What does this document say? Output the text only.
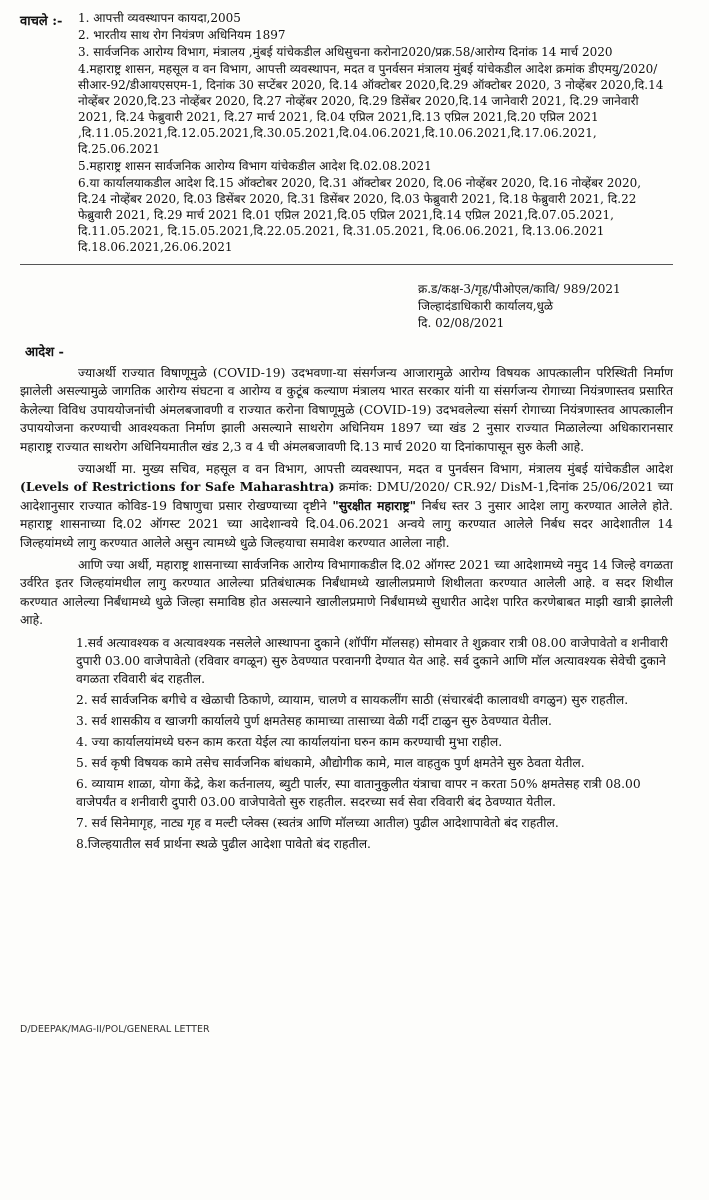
वाचले :-	1. आपत्ती व्यवस्थापन कायदा,2005
2. भारतीय साथ रोग नियंत्रण अधिनियम 1897
3. सार्वजनिक आरोग्य विभाग, मंत्रालय ,मुंबई यांचेकडील अधिसुचना करोना2020/प्रक्र.58/आरोग्य दिनांक 14 मार्च 2020
4.महाराष्ट्र शासन, महसूल व वन विभाग, आपत्ती व्यवस्थापन, मदत व पुनर्वसन मंत्रालय मुंबई यांचेकडील आदेश क्रमांक डीएमयु/2020/सीआर-92/डीआयएसएम-1, दिनांक 30 सप्टेंबर 2020, दि.14 ऑक्टोबर 2020,दि.29 ऑक्टोबर 2020, 3 नोव्हेंबर 2020,दि.14 नोव्हेंबर 2020,दि.23 नोव्हेंबर 2020, दि.27 नोव्हेंबर 2020, दि.29 डिसेंबर 2020,दि.14 जानेवारी 2021, दि.29 जानेवारी 2021, दि.24 फेब्रुवारी 2021, दि.27 मार्च 2021, दि.04 एप्रिल 2021,दि.13 एप्रिल 2021,दि.20 एप्रिल 2021 ,दि.11.05.2021,दि.12.05.2021,दि.30.05.2021,दि.04.06.2021,दि.10.06.2021,दि.17.06.2021, दि.25.06.2021
5.महाराष्ट्र शासन सार्वजनिक आरोग्य विभाग यांचेकडील आदेश दि.02.08.2021
6.या कार्यालयाकडील आदेश दि.15 ऑक्टोबर 2020, दि.31 ऑक्टोबर 2020, दि.06 नोव्हेंबर 2020, दि.16 नोव्हेंबर 2020, दि.24 नोव्हेंबर 2020, दि.03 डिसेंबर 2020, दि.31 डिसेंबर 2020, दि.03 फेब्रुवारी 2021, दि.18 फेब्रुवारी 2021, दि.22 फेब्रुवारी 2021, दि.29 मार्च 2021 दि.01 एप्रिल 2021,दि.05 एप्रिल 2021,दि.14 एप्रिल 2021,दि.07.05.2021, दि.11.05.2021, दि.15.05.2021,दि.22.05.2021, दि.31.05.2021, दि.06.06.2021, दि.13.06.2021 दि.18.06.2021,26.06.2021
क्र.ड/कक्ष-3/गृह/पीओएल/कावि/ 989/2021
जिल्हादंडाधिकारी कार्यालय,धुळे
दि. 02/08/2021
आदेश -
ज्याअर्थी राज्यात विषाणूमुळे (COVID-19) उदभवणा-या संसर्गजन्य आजारामुळे आरोग्य विषयक आपत्कालीन परिस्थिती निर्माण झालेली असल्यामुळे जागतिक आरोग्य संघटना व आरोग्य व कुटूंब कल्याण मंत्रालय भारत सरकार यांनी या संसर्गजन्य रोगाच्या नियंत्रणास्तव प्रसारित केलेल्या विविध उपाययोजनांची अंमलबजावणी व राज्यात करोना विषाणूमुळे (COVID-19) उदभवलेल्या संसर्ग रोगाच्या नियंत्रणास्तव आपत्कालीन उपाययोजना करण्याची आवश्यकता निर्माण झाली असल्याने साथरोग अधिनियम 1897 च्या खंड 2 नुसार राज्यात मिळालेल्या अधिकारानसार महाराष्ट्र राज्यात साथरोग अधिनियमातील खंड 2,3 व 4 ची अंमलबजावणी दि.13 मार्च 2020 या दिनांकापासून सुरु केली आहे.
ज्याअर्थी मा. मुख्य सचिव, महसूल व वन विभाग, आपत्ती व्यवस्थापन, मदत व पुनर्वसन विभाग, मंत्रालय मुंबई यांचेकडील आदेश (Levels of Restrictions for Safe Maharashtra) क्रमांक: DMU/2020/ CR.92/ DisM-1,दिनांक 25/06/2021 च्या आदेशानुसार राज्यात कोविड-19 विषाणुचा प्रसार रोखण्याच्या दृष्टीने "सुरक्षीत महाराष्ट्र" निर्बध स्तर 3 नुसार आदेश लागु करण्यात आलेले होते. महाराष्ट्र शासनाच्या दि.02 ऑगस्ट 2021 च्या आदेशान्वये दि.04.06.2021 अन्वये लागु करण्यात आलेले निर्बध सदर आदेशातील 14 जिल्हयांमध्ये लागु करण्यात आलेले असुन त्यामध्ये धुळे जिल्हयाचा समावेश करण्यात आलेला नाही.
आणि ज्या अर्थी, महाराष्ट्र शासनाच्या सार्वजनिक आरोग्य विभागाकडील दि.02 ऑगस्ट 2021 च्या आदेशामध्ये नमुद 14 जिल्हे वगळता उर्वरित इतर जिल्हयांमधील लागु करण्यात आलेल्या प्रतिबंधात्मक निर्बंधामध्ये खालीलप्रमाणे शिथीलता करण्यात आलेली आहे. व सदर शिथील करण्यात आलेल्या निर्बंधामध्ये धुळे जिल्हा समाविष्ठ होत असल्याने खालीलप्रमाणे निर्बंधामध्ये सुधारीत आदेश पारित करणेबाबत माझी खात्री झालेली आहे.
1.सर्व अत्यावश्यक व अत्यावश्यक नसलेले आस्थापना दुकाने (शॉपींग मॉलसह) सोमवार ते शुक्रवार रात्री 08.00 वाजेपावेतो व शनीवारी दुपारी 03.00 वाजेपावेतो (रविवार वगळून) सुरु ठेवण्यात परवानगी देण्यात येत आहे. सर्व दुकाने आणि मॉल अत्यावश्यक सेवेची दुकाने वगळता रविवारी बंद राहतील.
2. सर्व सार्वजनिक बगीचे व खेळाची ठिकाणे, व्यायाम, चालणे व सायकलींग साठी (संचारबंदी कालावधी वगळुन) सुरु राहतील.
3. सर्व शासकीय व खाजगी कार्यालये पुर्ण क्षमतेसह कामाच्या तासाच्या वेळी गर्दी टाळुन सुरु ठेवण्यात येतील.
4. ज्या कार्यालयांमध्ये घरुन काम करता येईल त्या कार्यालयांना घरुन काम करण्याची मुभा राहील.
5. सर्व कृषी विषयक कामे तसेच सार्वजनिक बांधकामे, औद्योगीक कामे, माल वाहतुक पुर्ण क्षमतेने सुरु ठेवता येतील.
6. व्यायाम शाळा, योगा केंद्रे, केश कर्तनालय, ब्युटी पार्लर, स्पा वातानुकुलीत यंत्राचा वापर न करता 50% क्षमतेसह रात्री 08.00 वाजेपर्यंत व शनीवारी दुपारी 03.00 वाजेपावेतो सुरु राहतील. सदरच्या सर्व सेवा रविवारी बंद ठेवण्यात येतील.
7. सर्व सिनेमागृह, नाट्य गृह व मल्टी प्लेक्स (स्वतंत्र आणि मॉलच्या आतील) पुढील आदेशापावेतो बंद राहतील.
8.जिल्हयातील सर्व प्रार्थना स्थळे पुढील आदेशा पावेतो बंद राहतील.
D/DEEPAK/MAG-II/POL/GENERAL LETTER
